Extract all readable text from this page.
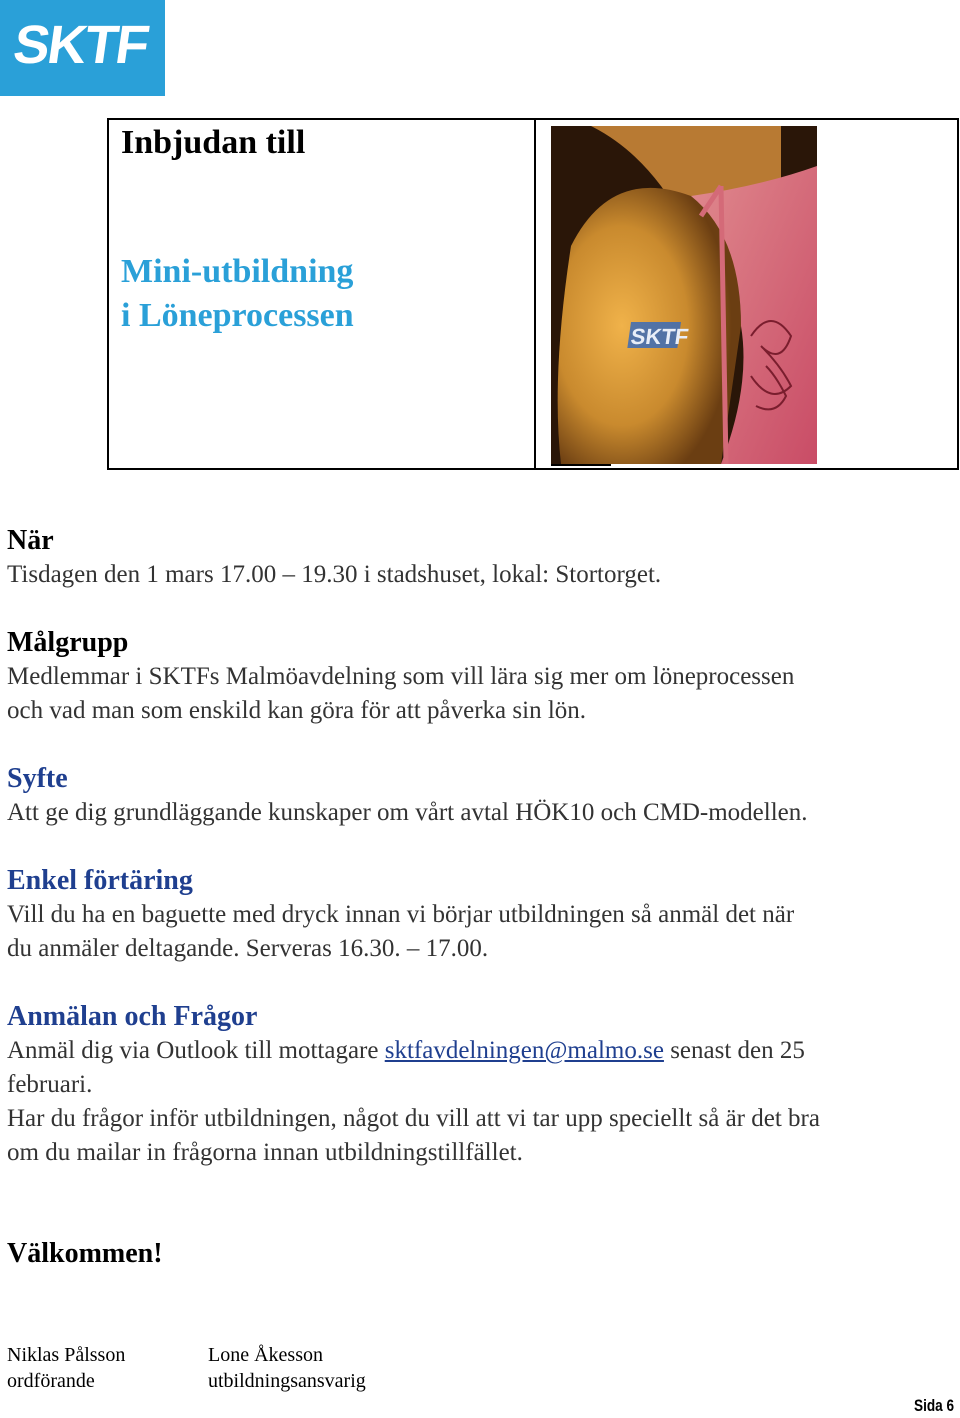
SKTF
Inbjudan till
Mini-utbildning
i Löneprocessen
SKTF

När

Tisdagen den 1 mars 17.00 – 19.30 i stadshuset, lokal: Stortorget.

Målgrupp

Medlemmar i SKTFs Malmöavdelning som vill lära sig mer om löneprocessen

och vad man som enskild kan göra för att påverka sin lön.

Syfte

Att ge dig grundläggande kunskaper om vårt avtal HÖK10 och CMD-modellen.

Enkel förtäring

Vill du ha en baguette med dryck innan vi börjar utbildningen så anmäl det när

du anmäler deltagande. Serveras 16.30. – 17.00.

Anmälan och Frågor

Anmäl dig via Outlook till mottagare sktfavdelningen@malmo.se senast den 25

februari.

Har du frågor inför utbildningen, något du vill att vi tar upp speciellt så är det bra

om du mailar in frågorna innan utbildningstillfället.

Välkommen!
Niklas Pålsson
ordförande
Lone Åkesson
utbildningsansvarig
Sida 6
